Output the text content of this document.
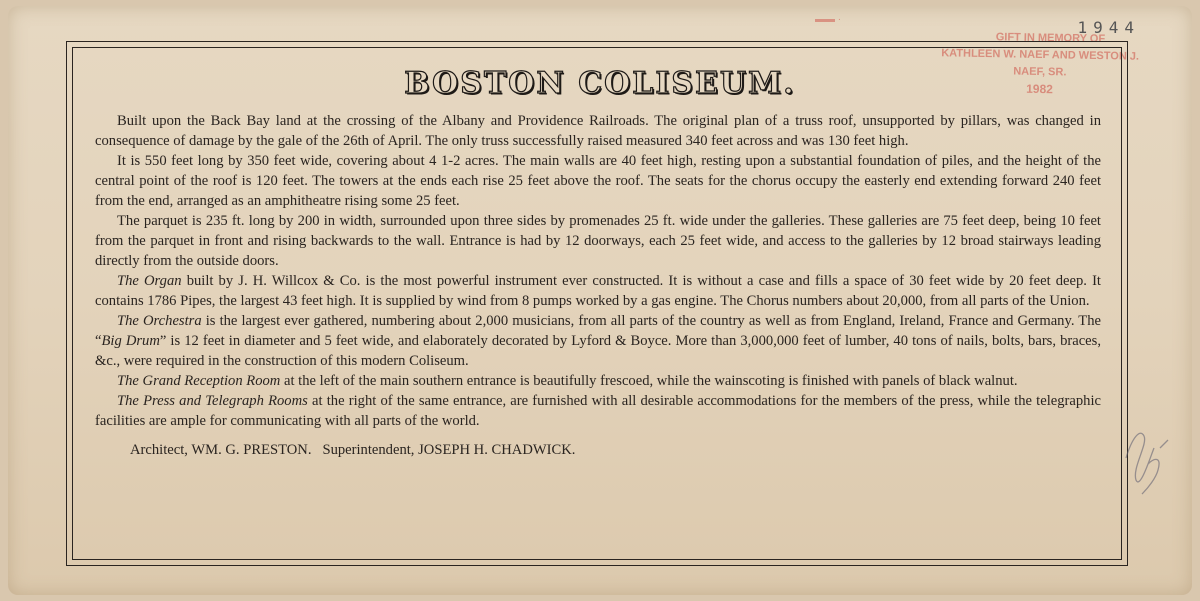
1944
▬▬ ·
GIFT IN MEMORY OF
KATHLEEN W. NAEF AND WESTON J. NAEF, SR.
1982
BOSTON COLISEUM.

Built upon the Back Bay land at the crossing of the Albany and Providence Railroads. The original plan of a truss roof, unsupported by pillars, was changed in consequence of damage by the gale of the 26th of April. The only truss successfully raised measured 340 feet across and was 130 feet high.

It is 550 feet long by 350 feet wide, covering about 4 1-2 acres. The main walls are 40 feet high, resting upon a substantial foundation of piles, and the height of the central point of the roof is 120 feet. The towers at the ends each rise 25 feet above the roof. The seats for the chorus occupy the easterly end extending forward 240 feet from the end, arranged as an amphitheatre rising some 25 feet.

The parquet is 235 ft. long by 200 in width, surrounded upon three sides by promenades 25 ft. wide under the galleries. These galleries are 75 feet deep, being 10 feet from the parquet in front and rising backwards to the wall. Entrance is had by 12 doorways, each 25 feet wide, and access to the galleries by 12 broad stairways leading directly from the outside doors.

The Organ built by J. H. Willcox & Co. is the most powerful instrument ever constructed. It is without a case and fills a space of 30 feet wide by 20 feet deep. It contains 1786 Pipes, the largest 43 feet high. It is supplied by wind from 8 pumps worked by a gas engine. The Chorus numbers about 20,000, from all parts of the Union.

The Orchestra is the largest ever gathered, numbering about 2,000 musicians, from all parts of the country as well as from England, Ireland, France and Germany. The “Big Drum” is 12 feet in diameter and 5 feet wide, and elaborately decorated by Lyford & Boyce. More than 3,000,000 feet of lumber, 40 tons of nails, bolts, bars, braces, &c., were required in the construction of this modern Coliseum.

The Grand Reception Room at the left of the main southern entrance is beautifully frescoed, while the wainscoting is finished with panels of black walnut.

The Press and Telegraph Rooms at the right of the same entrance, are furnished with all desirable accommodations for the members of the press, while the telegraphic facilities are ample for communicating with all parts of the world.

Architect, WM. G. PRESTON. Superintendent, JOSEPH H. CHADWICK.
